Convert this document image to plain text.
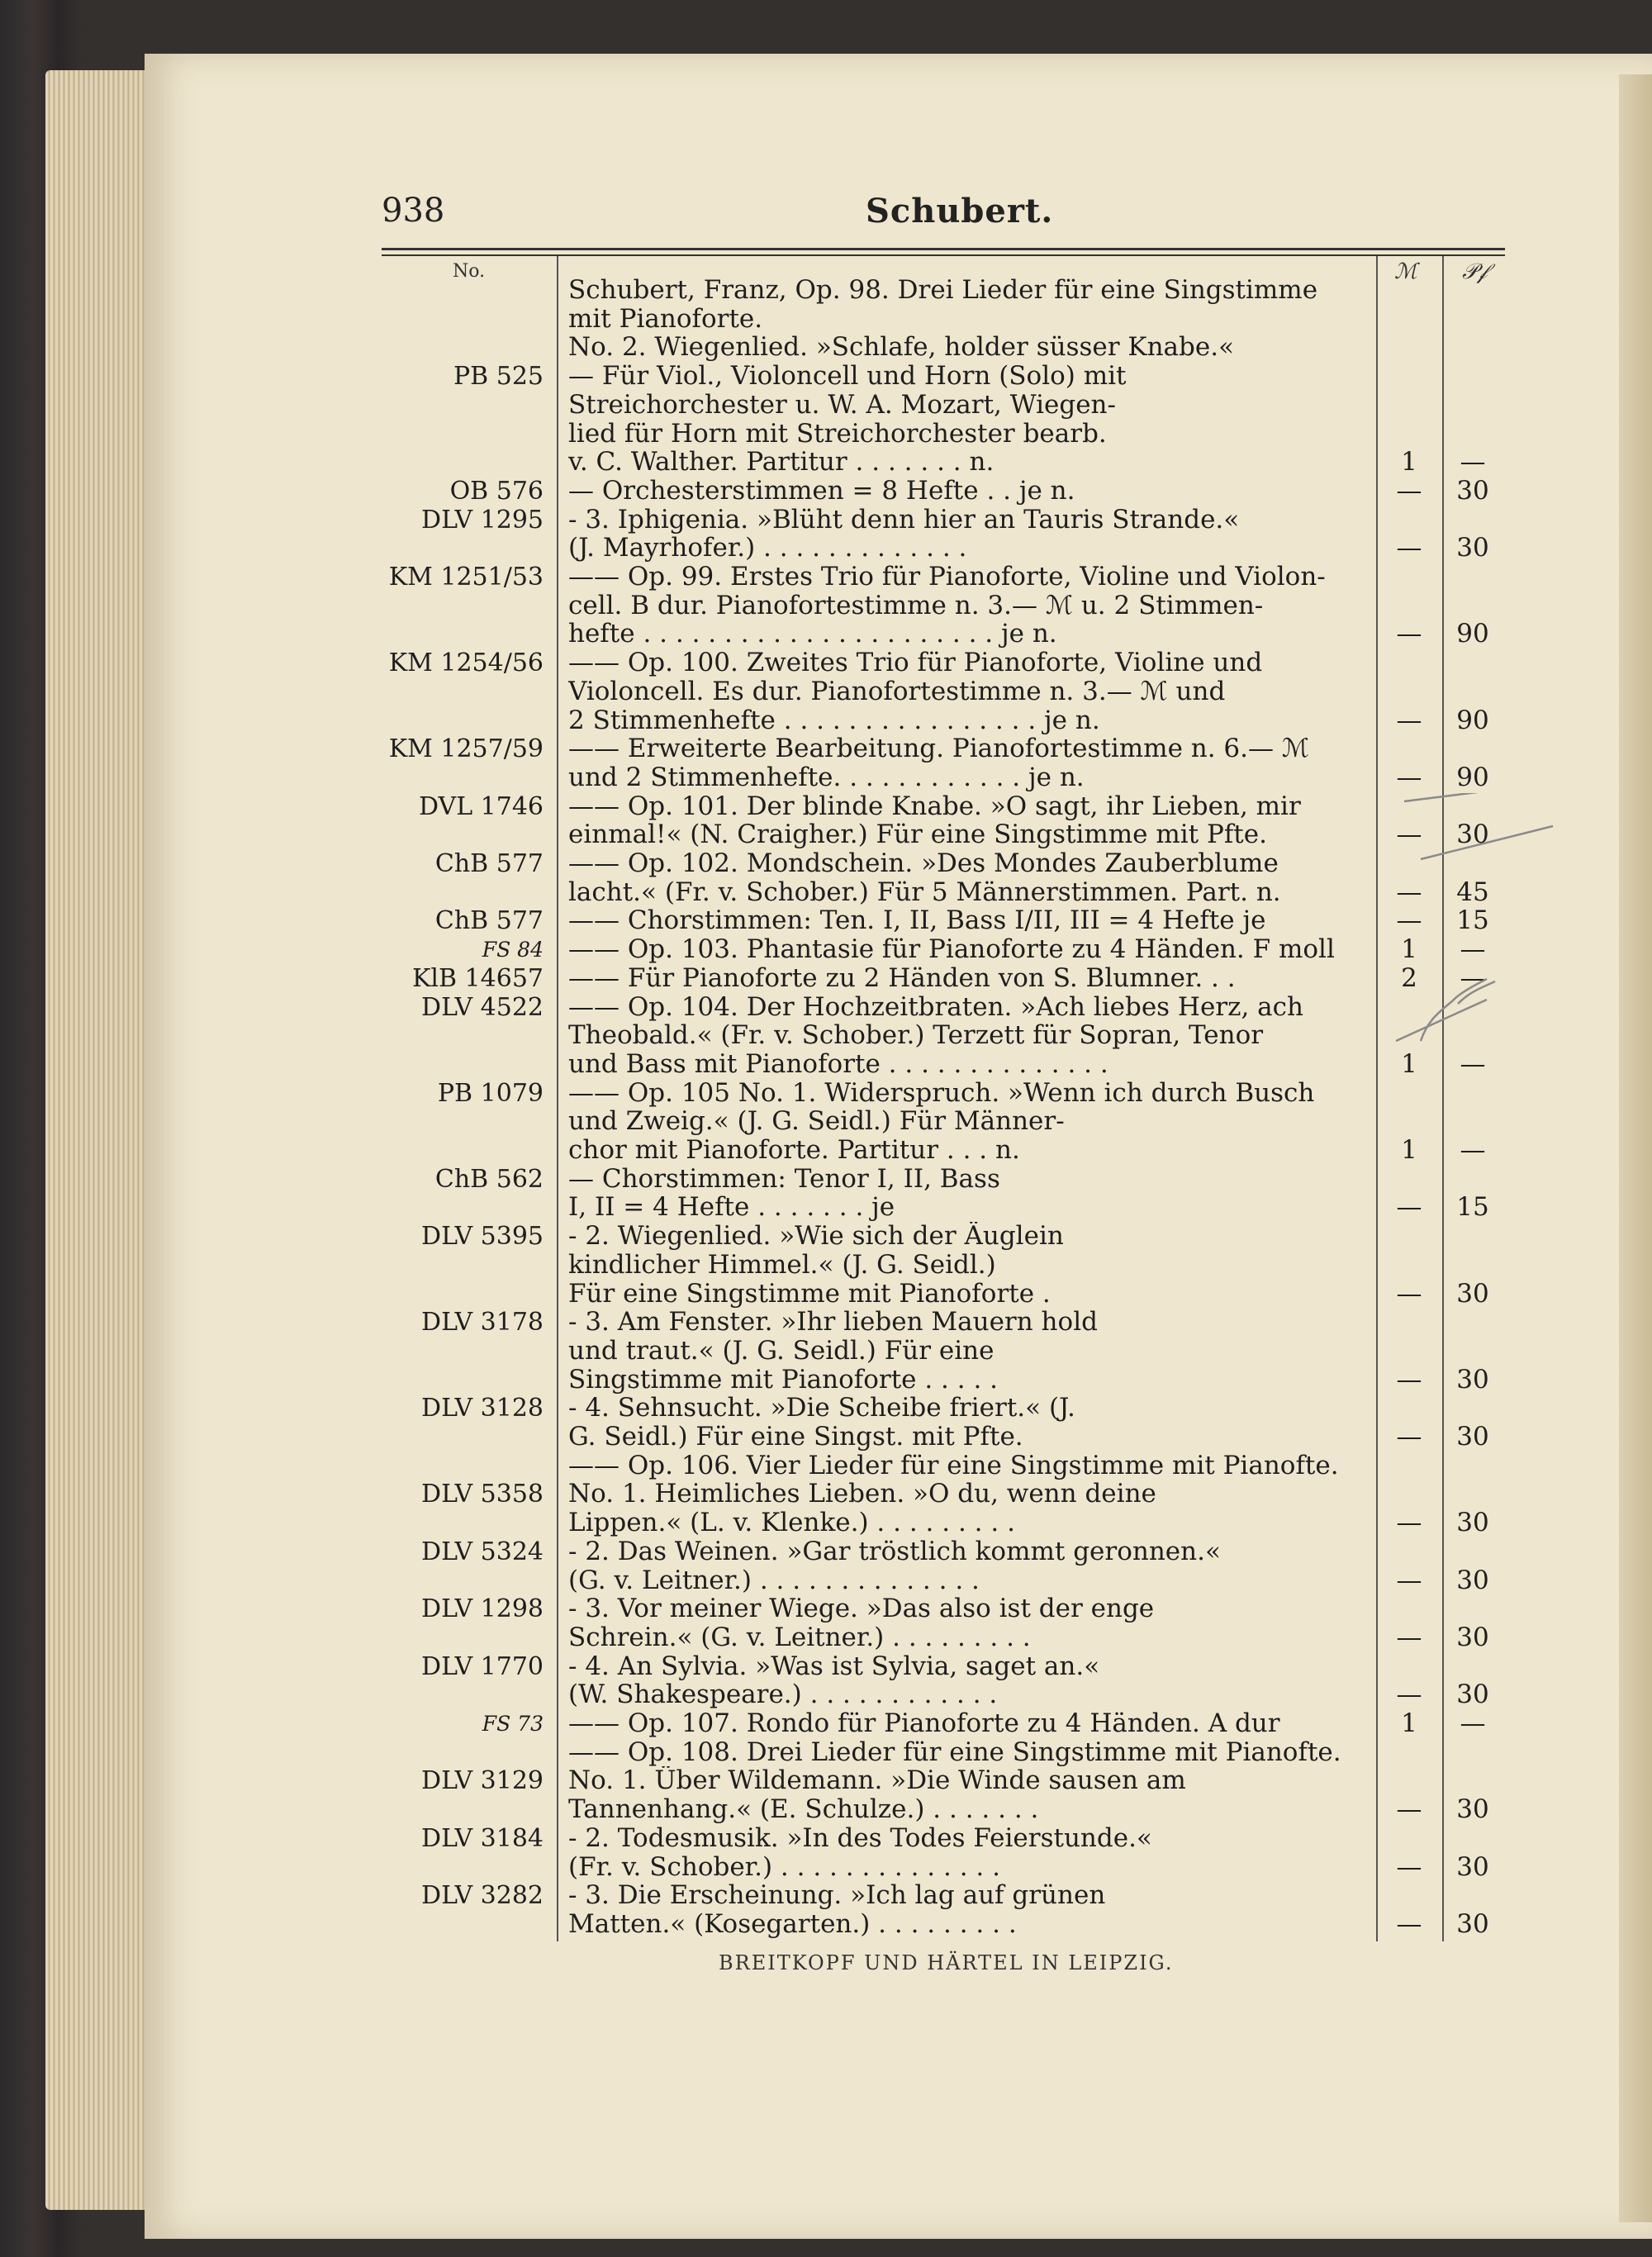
938	Schubert.
No.	ℳ 𝒫𝒻
Schubert, Franz, Op. 98. Drei Lieder für eine Singstimme
mit Pianoforte.
No. 2. Wiegenlied. »Schlafe, holder süsser Knabe.«
PB 525 — Für Viol., Violoncell und Horn (Solo) mit
Streichorchester u. W. A. Mozart, Wiegen-
lied für Horn mit Streichorchester bearb.
v. C. Walther. Partitur . . . . . . . n.	1	—
OB 576 — Orchesterstimmen = 8 Hefte . . je n.	—	30
DLV 1295 - 3. Iphigenia. »Blüht denn hier an Tauris Strande.«
(J. Mayrhofer.) . . . . . . . . . . . . .	—	30
KM 1251/53 —— Op. 99. Erstes Trio für Pianoforte, Violine und Violon-
cell. B dur. Pianofortestimme n. 3.— ℳ u. 2 Stimmen-
hefte . . . . . . . . . . . . . . . . . . . . . . je n.	—	90
KM 1254/56 —— Op. 100. Zweites Trio für Pianoforte, Violine und
Violoncell. Es dur. Pianofortestimme n. 3.— ℳ und
2 Stimmenhefte . . . . . . . . . . . . . . . . je n.	—	90
KM 1257/59 —— Erweiterte Bearbeitung. Pianofortestimme n. 6.— ℳ
und 2 Stimmenhefte. . . . . . . . . . . . je n.	—	90
DVL 1746 —— Op. 101. Der blinde Knabe. »O sagt, ihr Lieben, mir
einmal!« (N. Craigher.) Für eine Singstimme mit Pfte.	—	30
ChB 577 —— Op. 102. Mondschein. »Des Mondes Zauberblume
lacht.« (Fr. v. Schober.) Für 5 Männerstimmen. Part. n.	—	45
ChB 577 —— Chorstimmen: Ten. I, II, Bass I/II, III = 4 Hefte je	—	15
FS 84 —— Op. 103. Phantasie für Pianoforte zu 4 Händen. F moll	1	—
KlB 14657 —— Für Pianoforte zu 2 Händen von S. Blumner. . .	2	—
DLV 4522 —— Op. 104. Der Hochzeitbraten. »Ach liebes Herz, ach
Theobald.« (Fr. v. Schober.) Terzett für Sopran, Tenor
und Bass mit Pianoforte . . . . . . . . . . . . . .	1	—
PB 1079 —— Op. 105 No. 1. Widerspruch. »Wenn ich durch Busch
und Zweig.« (J. G. Seidl.) Für Männer-
chor mit Pianoforte. Partitur . . . n.	1	—
ChB 562 — Chorstimmen: Tenor I, II, Bass
I, II = 4 Hefte . . . . . . . je	—	15
DLV 5395 - 2. Wiegenlied. »Wie sich der Äuglein
kindlicher Himmel.« (J. G. Seidl.)
Für eine Singstimme mit Pianoforte .	—	30
DLV 3178 - 3. Am Fenster. »Ihr lieben Mauern hold
und traut.« (J. G. Seidl.) Für eine
Singstimme mit Pianoforte . . . . .	—	30
DLV 3128 - 4. Sehnsucht. »Die Scheibe friert.« (J.
G. Seidl.) Für eine Singst. mit Pfte.	—	30
—— Op. 106. Vier Lieder für eine Singstimme mit Pianofte.
DLV 5358 No. 1. Heimliches Lieben. »O du, wenn deine
Lippen.« (L. v. Klenke.) . . . . . . . . .	—	30
DLV 5324 - 2. Das Weinen. »Gar tröstlich kommt geronnen.«
(G. v. Leitner.) . . . . . . . . . . . . . .	—	30
DLV 1298 - 3. Vor meiner Wiege. »Das also ist der enge
Schrein.« (G. v. Leitner.) . . . . . . . . .	—	30
DLV 1770 - 4. An Sylvia. »Was ist Sylvia, saget an.«
(W. Shakespeare.) . . . . . . . . . . . .	—	30
FS 73 —— Op. 107. Rondo für Pianoforte zu 4 Händen. A dur	1	—
—— Op. 108. Drei Lieder für eine Singstimme mit Pianofte.
DLV 3129 No. 1. Über Wildemann. »Die Winde sausen am
Tannenhang.« (E. Schulze.) . . . . . . .	—	30
DLV 3184 - 2. Todesmusik. »In des Todes Feierstunde.«
(Fr. v. Schober.) . . . . . . . . . . . . . .	—	30
DLV 3282 - 3. Die Erscheinung. »Ich lag auf grünen
Matten.« (Kosegarten.) . . . . . . . . .	—	30
BREITKOPF UND HÄRTEL IN LEIPZIG.
